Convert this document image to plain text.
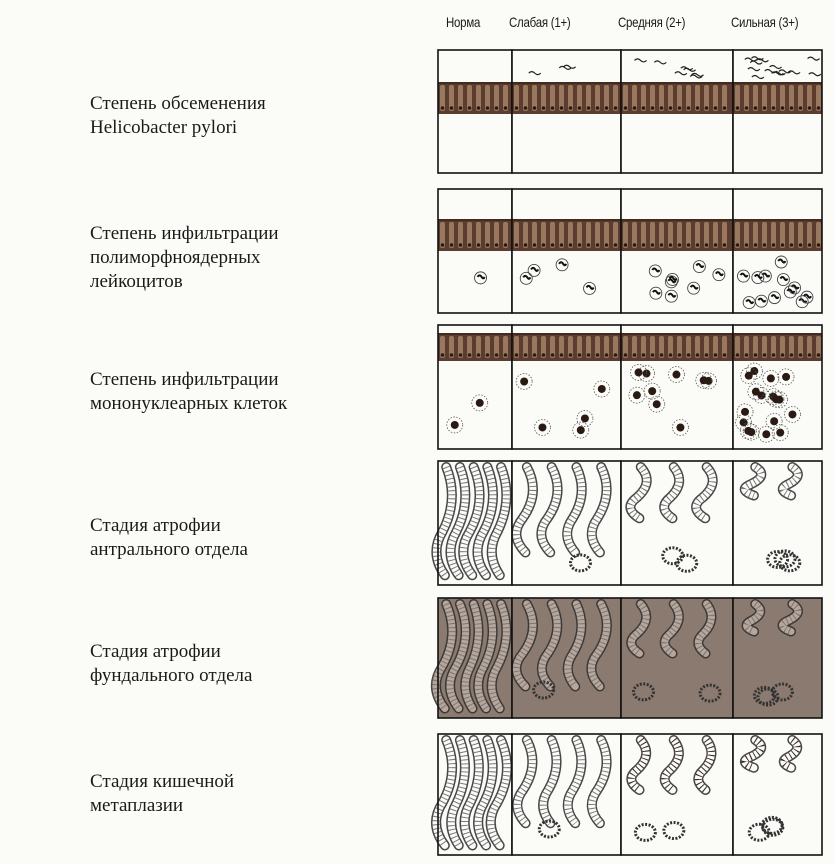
Норма Слабая (1+)	Средняя (2+)	Сильная (3+)
Степень обсеменения
Helicobacter pylori
Степень инфильтрации
полиморфноядерных
лейкоцитов
Степень инфильтрации
мононуклеарных клеток
Стадия атрофии
антрального отдела
Стадия атрофии
фундального отдела
Стадия кишечной
метаплазии
